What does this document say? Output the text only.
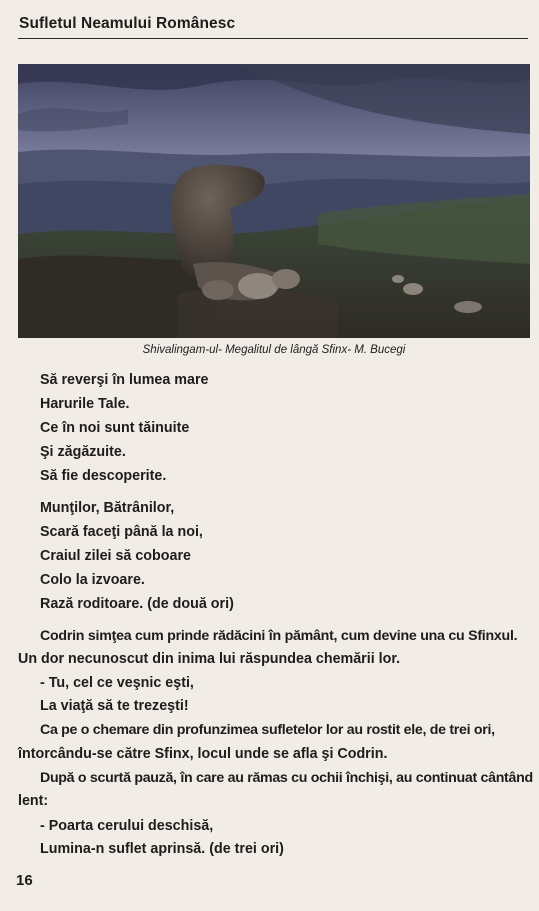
Sufletul Neamului Românesc
Shivalingam-ul- Megalitul de lângă Sfinx- M. Bucegi
Să reverşi în lumea mare
Harurile Tale.
Ce în noi sunt tăinuite
Şi zăgăzuite.
Să fie descoperite.
Munţilor, Bătrânilor,
Scară faceţi până la noi,
Craiul zilei să coboare
Colo la izvoare.
Rază roditoare. (de două ori)
Codrin simţea cum prinde rădăcini în pământ, cum devine una cu Sfinxul.
Un dor necunoscut din inima lui răspundea chemării lor.
- Tu, cel ce veşnic eşti,
La viaţă să te trezeşti!
Ca pe o chemare din profunzimea sufletelor lor au rostit ele, de trei ori,
întorcându-se către Sfinx, locul unde se afla şi Codrin.
După o scurtă pauză, în care au rămas cu ochii închişi, au continuat cântând
lent:
- Poarta cerului deschisă,
Lumina-n suflet aprinsă. (de trei ori)
16
